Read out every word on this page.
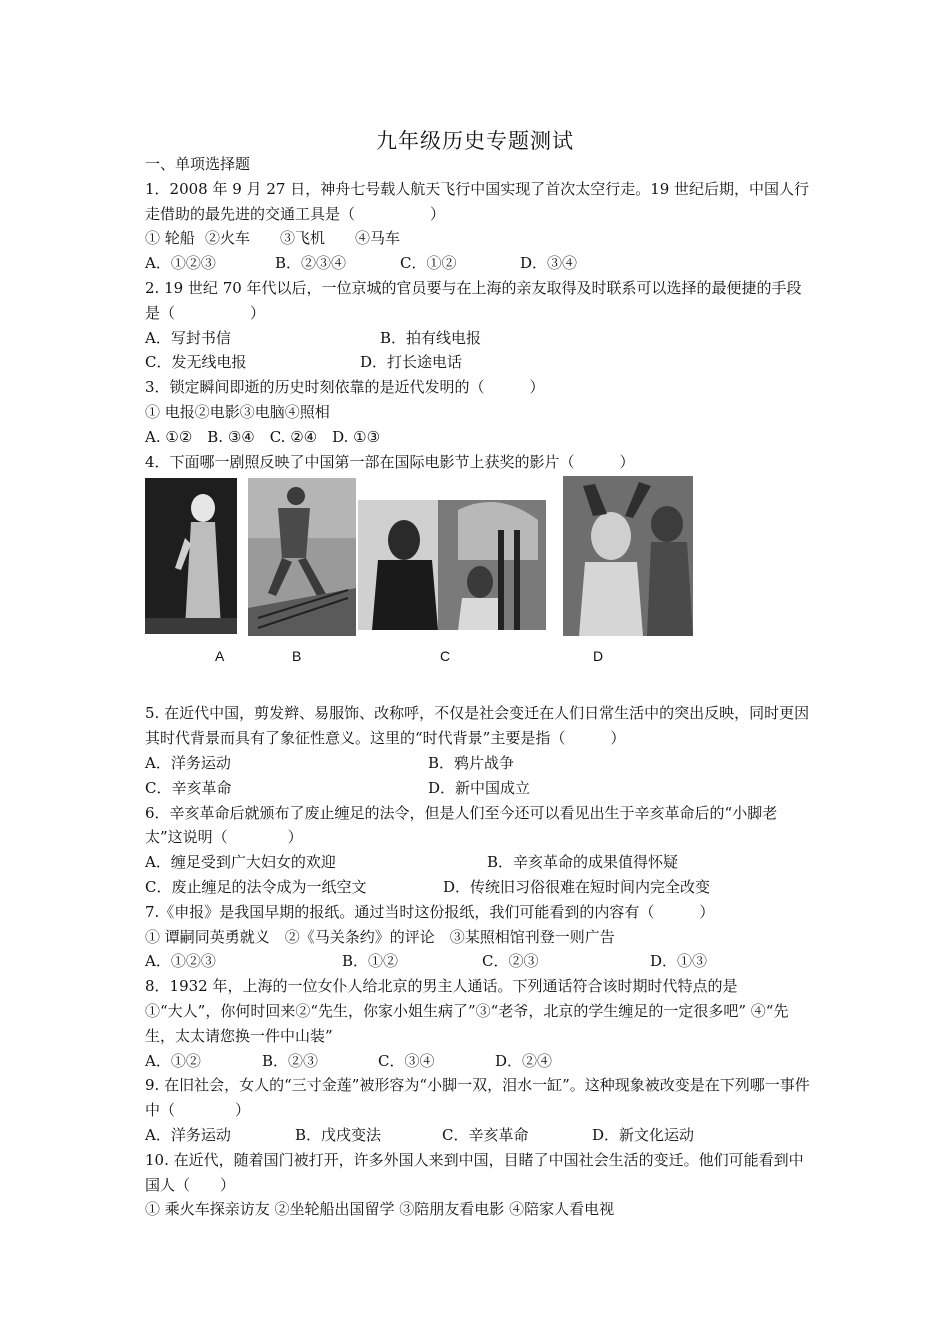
九年级历史专题测试
一、单项选择题
1．2008 年 9 月 27 日，神舟七号载人航天飞行中国实现了首次太空行走。19 世纪后期，中国人行走借助的最先进的交通工具是（　　　　　）
① 轮船 ②火车	③飞机	④马车
A．①②③	B．②③④	C．①②	D．③④
2. 19 世纪 70 年代以后，一位京城的官员要与在上海的亲友取得及时联系可以选择的最便捷的手段是（　　　　　）
A．写封书信	B．拍有线电报
C．发无线电报	D．打长途电话
3．锁定瞬间即逝的历史时刻依靠的是近代发明的（　　　）
① 电报②电影③电脑④照相
A. ①②　B. ③④　C. ②④　D. ①③
4．下面哪一剧照反映了中国第一部在国际电影节上获奖的影片（　　　）
A	B	C	D
5. 在近代中国，剪发辫、易服饰、改称呼，不仅是社会变迁在人们日常生活中的突出反映，同时更因其时代背景而具有了象征性意义。这里的“时代背景”主要是指（　　　）
A．洋务运动	B．鸦片战争
C．辛亥革命	D．新中国成立
6．辛亥革命后就颁布了废止缠足的法令，但是人们至今还可以看见出生于辛亥革命后的“小脚老太”这说明（　　　　）
A．缠足受到广大妇女的欢迎	B．辛亥革命的成果值得怀疑
C．废止缠足的法令成为一纸空文	D．传统旧习俗很难在短时间内完全改变
7.《申报》是我国早期的报纸。通过当时这份报纸，我们可能看到的内容有（　　　）
① 谭嗣同英勇就义　②《马关条约》的评论　③某照相馆刊登一则广告
A．①②③	B．①②	C．②③	D．①③
8．1932 年，上海的一位女仆人给北京的男主人通话。下列通话符合该时期时代特点的是
①“大人”，你何时回来②“先生，你家小姐生病了”③“老爷，北京的学生缠足的一定很多吧” ④“先生，太太请您换一件中山装”
A．①②	B．②③	C．③④	D．②④
9. 在旧社会，女人的“三寸金莲”被形容为“小脚一双，泪水一缸”。这种现象被改变是在下列哪一事件中（　　　　）
A．洋务运动	B．戊戌变法	C．辛亥革命	D．新文化运动
10. 在近代，随着国门被打开，许多外国人来到中国，目睹了中国社会生活的变迁。他们可能看到中国人（　　）
① 乘火车探亲访友 ②坐轮船出国留学 ③陪朋友看电影 ④陪家人看电视
